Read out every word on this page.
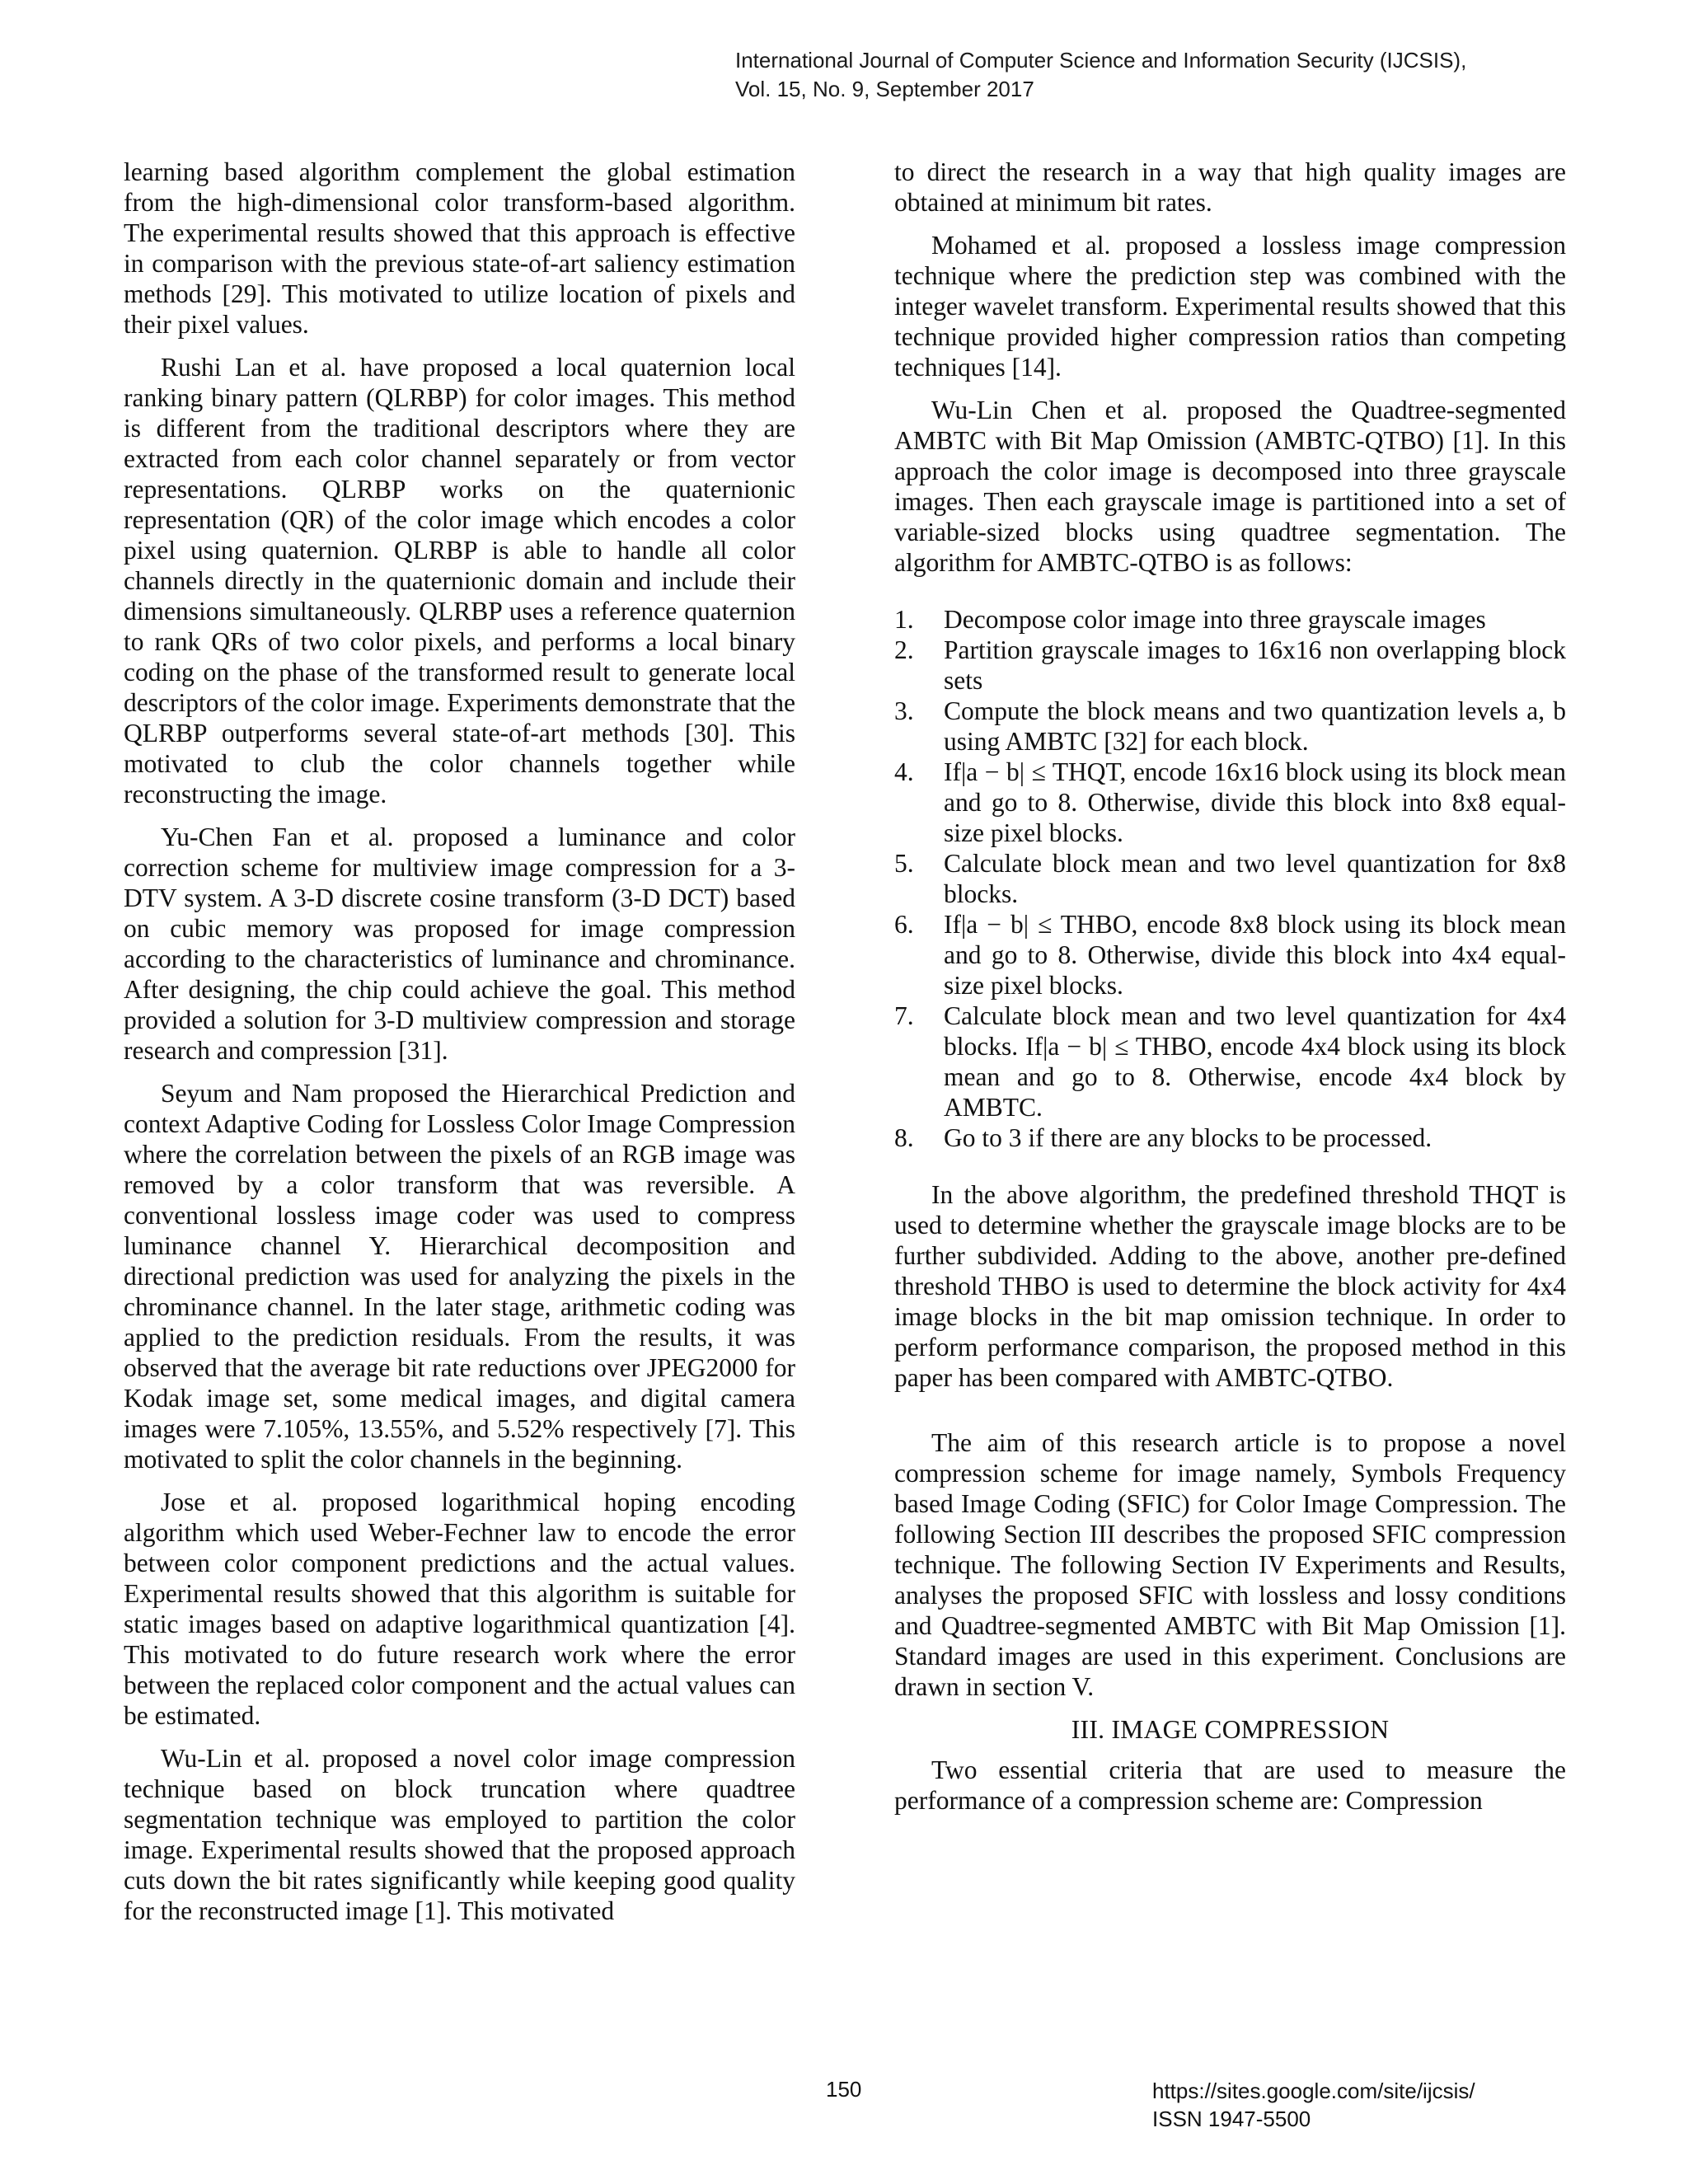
International Journal of Computer Science and Information Security (IJCSIS),
Vol. 15, No. 9, September 2017

learning based algorithm complement the global estimation from the high-dimensional color transform-based algorithm. The experimental results showed that this approach is effective in comparison with the previous state-of-art saliency estimation methods [29]. This motivated to utilize location of pixels and their pixel values.

Rushi Lan et al. have proposed a local quaternion local ranking binary pattern (QLRBP) for color images. This method is different from the traditional descriptors where they are extracted from each color channel separately or from vector representations. QLRBP works on the quaternionic representation (QR) of the color image which encodes a color pixel using quaternion. QLRBP is able to handle all color channels directly in the quaternionic domain and include their dimensions simultaneously. QLRBP uses a reference quaternion to rank QRs of two color pixels, and performs a local binary coding on the phase of the transformed result to generate local descriptors of the color image. Experiments demonstrate that the QLRBP outperforms several state-of-art methods [30]. This motivated to club the color channels together while reconstructing the image.

Yu-Chen Fan et al. proposed a luminance and color correction scheme for multiview image compression for a 3-DTV system. A 3-D discrete cosine transform (3-D DCT) based on cubic memory was proposed for image compression according to the characteristics of luminance and chrominance. After designing, the chip could achieve the goal. This method provided a solution for 3-D multiview compression and storage research and compression [31].

Seyum and Nam proposed the Hierarchical Prediction and context Adaptive Coding for Lossless Color Image Compression where the correlation between the pixels of an RGB image was removed by a color transform that was reversible. A conventional lossless image coder was used to compress luminance channel Y. Hierarchical decomposition and directional prediction was used for analyzing the pixels in the chrominance channel. In the later stage, arithmetic coding was applied to the prediction residuals. From the results, it was observed that the average bit rate reductions over JPEG2000 for Kodak image set, some medical images, and digital camera images were 7.105%, 13.55%, and 5.52% respectively [7]. This motivated to split the color channels in the beginning.

Jose et al. proposed logarithmical hoping encoding algorithm which used Weber-Fechner law to encode the error between color component predictions and the actual values. Experimental results showed that this algorithm is suitable for static images based on adaptive logarithmical quantization [4]. This motivated to do future research work where the error between the replaced color component and the actual values can be estimated.

Wu-Lin et al. proposed a novel color image compression technique based on block truncation where quadtree segmentation technique was employed to partition the color image. Experimental results showed that the proposed approach cuts down the bit rates significantly while keeping good quality for the reconstructed image [1]. This motivated

to direct the research in a way that high quality images are obtained at minimum bit rates.

Mohamed et al. proposed a lossless image compression technique where the prediction step was combined with the integer wavelet transform. Experimental results showed that this technique provided higher compression ratios than competing techniques [14].

Wu-Lin Chen et al. proposed the Quadtree-segmented AMBTC with Bit Map Omission (AMBTC-QTBO) [1]. In this approach the color image is decomposed into three grayscale images. Then each grayscale image is partitioned into a set of variable-sized blocks using quadtree segmentation. The algorithm for AMBTC-QTBO is as follows:

1.	Decompose color image into three grayscale images
2.	Partition grayscale images to 16x16 non overlapping block sets
3.	Compute the block means and two quantization levels a, b using AMBTC [32] for each block.
4.	If|a − b| ≤ THQT, encode 16x16 block using its block mean and go to 8. Otherwise, divide this block into 8x8 equal-size pixel blocks.
5.	Calculate block mean and two level quantization for 8x8 blocks.
6.	If|a − b| ≤ THBO, encode 8x8 block using its block mean and go to 8. Otherwise, divide this block into 4x4 equal-size pixel blocks.
7.	Calculate block mean and two level quantization for 4x4 blocks. If|a − b| ≤ THBO, encode 4x4 block using its block mean and go to 8. Otherwise, encode 4x4 block by AMBTC.
8.	Go to 3 if there are any blocks to be processed.

In the above algorithm, the predefined threshold THQT is used to determine whether the grayscale image blocks are to be further subdivided. Adding to the above, another pre-defined threshold THBO is used to determine the block activity for 4x4 image blocks in the bit map omission technique. In order to perform performance comparison, the proposed method in this paper has been compared with AMBTC-QTBO.

The aim of this research article is to propose a novel compression scheme for image namely, Symbols Frequency based Image Coding (SFIC) for Color Image Compression. The following Section III describes the proposed SFIC compression technique. The following Section IV Experiments and Results, analyses the proposed SFIC with lossless and lossy conditions and Quadtree-segmented AMBTC with Bit Map Omission [1]. Standard images are used in this experiment. Conclusions are drawn in section V.

III. IMAGE COMPRESSION

Two essential criteria that are used to measure the performance of a compression scheme are: Compression

150	https://sites.google.com/site/ijcsis/
ISSN 1947-5500
